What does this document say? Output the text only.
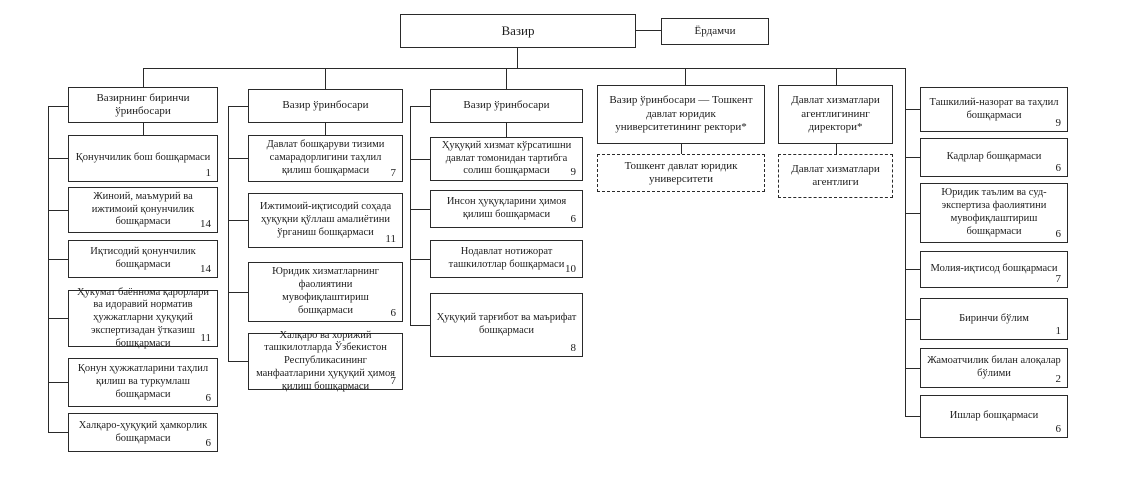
Вазир	Ёрдамчи
Вазирнинг биринчи ўринбосари
Қонунчилик бош бошқармаси
1
Жиноий, маъмурий ва ижтимоий қонунчилик бошқармаси	14
Иқтисодий қонунчилик бошқармаси	14
Ҳукумат баённома қарорлари ва идоравий норматив ҳужжатларни ҳуқуқий экспертизадан ўтказиш бошқармаси	11
Қонун ҳужжатларини таҳлил қилиш ва туркумлаш бошқармаси	6
Халқаро-ҳуқуқий ҳамкорлик бошқармаси	6
Вазир ўринбосари
Давлат бошқаруви тизими самарадорлигини таҳлил қилиш бошқармаси	7
Ижтимоий-иқтисодий соҳада ҳуқуқни қўллаш амалиётини ўрганиш бошқармаси
11
Юридик хизматларнинг фаолиятини мувофиқлаштириш бошқармаси	6
Халқаро ва хорижий ташкилотларда Ўзбекистон Республикасининг манфаатларини ҳуқуқий ҳимоя қилиш бошқармаси	7
Вазир ўринбосари
Ҳуқуқий хизмат кўрсатишни давлат томонидан тартибга солиш бошқармаси	9
Инсон ҳуқуқларини ҳимоя қилиш бошқармаси	6
Нодавлат нотижорат ташкилотлар бошқармаси 10
Ҳуқуқий тарғибот ва маърифат бошқармаси
8
Вазир ўринбосари — Тошкент давлат юридик университетининг ректори*
Тошкент давлат юридик университети
Давлат хизматлари агентлигининг директори*
Давлат хизматлари агентлиги
Ташкилий-назорат ва таҳлил бошқармаси
9
Кадрлар бошқармаси
6
Юридик таълим ва суд-экспертиза фаолиятини мувофиқлаштириш бошқармаси	6
Молия-иқтисод бошқармаси
7
Биринчи бўлим
1
Жамоатчилик билан алоқалар бўлими	2
Ишлар бошқармаси
6
